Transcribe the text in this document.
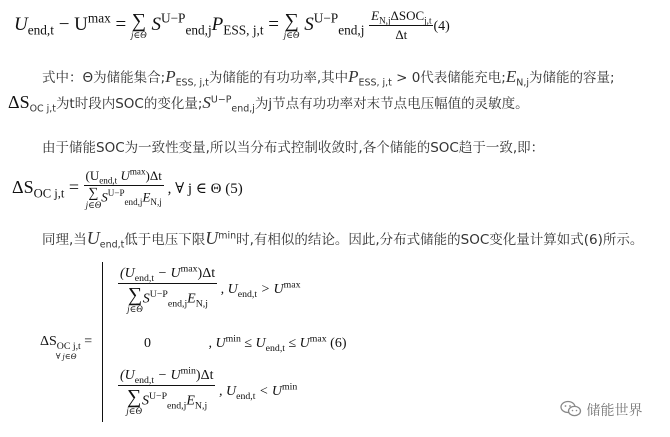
$U_{end,t} - U^{max}$ = ∑
j∈Θ
$S^{U-P}_{end,j}P_{ESS, j,t}$ = ∑
j∈Θ
$S^{U-P}_{end,j} \frac{E_{N,j}\Delta SOC_{j,t}}{\Delta t} (4)$
式中：Θ为储能集合$;P_{ESS, j,t}$为储能的有功功率,其中$P_{ESS, j,t} > 0$代表储能充电$;E_{N,j}$为储能的容量;
$\Delta S_{OC j,t}$为t时段内SOC的变化量$;S^{U-P}_{end,j}$为j节点有功功率对末节点电压幅值的灵敏度。
由于储能SOC为一致性变量,所以当分布式控制收敛时,各个储能的SOC趋于一致,即：
$\Delta S_{OC j,t} = (U_{end,t}$ $U^{max})\Delta t$
∑
j∈Θ
$S^{U-P}_{end,j}E_{N,j}$ , ∀ j ∈ Θ (5)
同理,当$U_{end,t}$低于电压下限$U^{min}$时,有相似的结论。因此,分布式储能的SOC变化量计算如式(6)所示。
$\Delta S_{OC j,t}$ =
∀ j∈Θ
$(U_{end,t} - U^{max})\Delta t$
∑
j∈Θ
$S^{U-P}_{end,j}E_{N,j}$ , $U_{end,t} > U^{max}$
0	, $U^{min} \le U_{end,t} \le U^{max}$ (6)
$(U_{end,t} - U^{min})\Delta t$
∑
j∈Θ
$S^{U-P}_{end,j}E_{N,j}$ , $U_{end,t} < U^{min}$
储能世界
